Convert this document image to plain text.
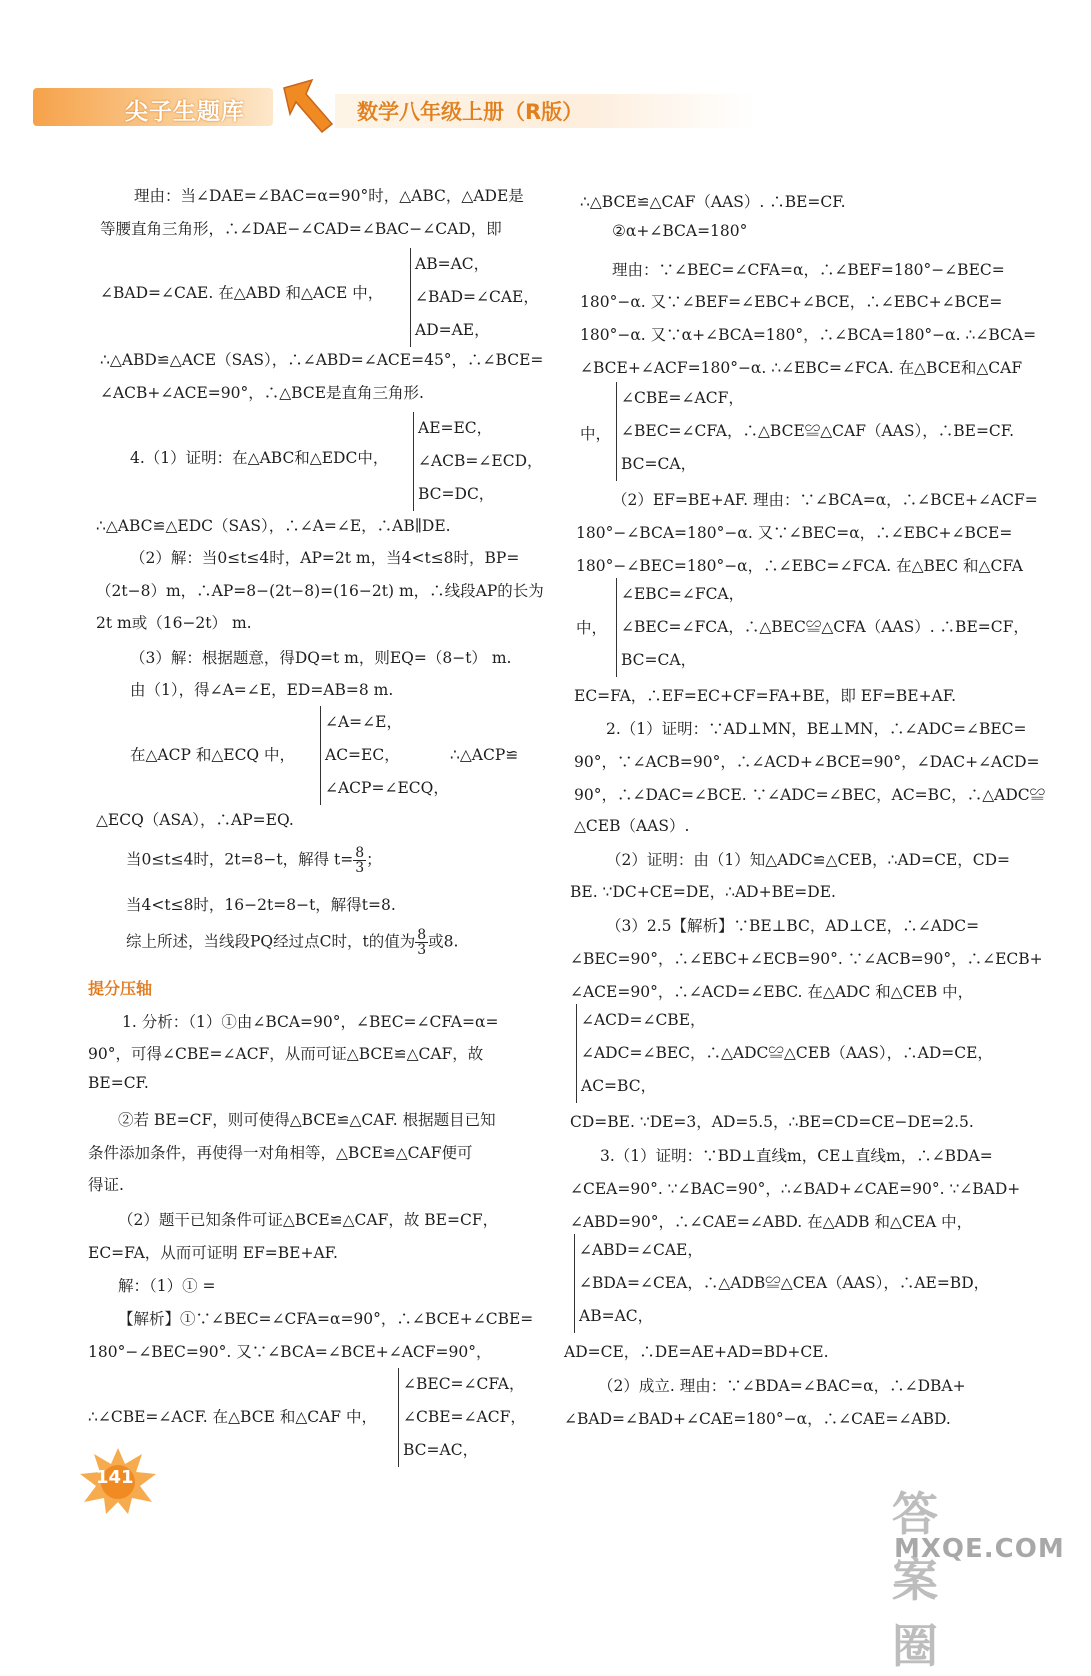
尖子生题库	数学八年级上册（R版）
理由：当∠DAE=∠BAC=α=90°时，△ABC，△ADE是
等腰直角三角形，∴∠DAE−∠CAD=∠BAC−∠CAD，即
∠BAD=∠CAE. 在△ABD 和△ACE 中，
AB=AC，
∠BAD=∠CAE，
AD=AE，
∴△ABD≌△ACE（SAS），∴∠ABD=∠ACE=45°，∴∠BCE=
∠ACB+∠ACE=90°，∴△BCE是直角三角形.
4.（1）证明：在△ABC和△EDC中，
AE=EC，
∠ACB=∠ECD，
BC=DC，
∴△ABC≌△EDC（SAS），∴∠A=∠E，∴AB∥DE.
（2）解：当0≤t≤4时，AP=2t m，当4<t≤8时，BP=
（2t−8）m，∴AP=8−(2t−8)=(16−2t) m，∴线段AP的长为
2t m或（16−2t） m.
（3）解：根据题意，得DQ=t m，则EQ=（8−t） m.
由（1），得∠A=∠E，ED=AB=8 m.
在△ACP 和△ECQ 中，
∠A=∠E，
AC=EC，
∠ACP=∠ECQ，
∴△ACP≌
△ECQ（ASA），∴AP=EQ.
当0≤t≤4时，2t=8−t，解得 $t= \frac{8}{3}$ ；
当4<t≤8时，16−2t=8−t，解得t=8.
综上所述，当线段PQ经过点C时，t的值为 $\frac{8}{3}$ 或8.
提分压轴
1. 分析：（1）①由∠BCA=90°，∠BEC=∠CFA=α=
90°，可得∠CBE=∠ACF，从而可证△BCE≌△CAF，故
BE=CF.
②若 BE=CF，则可使得△BCE≌△CAF. 根据题目已知
条件添加条件，再使得一对角相等，△BCE≌△CAF便可
得证.
（2）题干已知条件可证△BCE≌△CAF，故 BE=CF，
EC=FA，从而可证明 EF=BE+AF.
解：（1）① =
【解析】①∵∠BEC=∠CFA=α=90°，∴∠BCE+∠CBE=
180°−∠BEC=90°. 又∵∠BCA=∠BCE+∠ACF=90°，
∴∠CBE=∠ACF. 在△BCE 和△CAF 中，
∠BEC=∠CFA，
∠CBE=∠ACF，
BC=AC，
∴△BCE≌△CAF（AAS）. ∴BE=CF.
②α+∠BCA=180°
理由：∵∠BEC=∠CFA=α，∴∠BEF=180°−∠BEC=
180°−α. 又∵∠BEF=∠EBC+∠BCE，∴∠EBC+∠BCE=
180°−α. 又∵α+∠BCA=180°，∴∠BCA=180°−α. ∴∠BCA=
∠BCE+∠ACF=180°−α. ∴∠EBC=∠FCA. 在△BCE和△CAF
中，
∠CBE=∠ACF，
∠BEC=∠CFA，∴△BCE≌△CAF（AAS），∴BE=CF.
BC=CA，
（2）EF=BE+AF. 理由：∵∠BCA=α，∴∠BCE+∠ACF=
180°−∠BCA=180°−α. 又∵∠BEC=α，∴∠EBC+∠BCE=
180°−∠BEC=180°−α，∴∠EBC=∠FCA. 在△BEC 和△CFA
中，
∠EBC=∠FCA，
∠BEC=∠FCA，∴△BEC≌△CFA（AAS）. ∴BE=CF，
BC=CA，
EC=FA，∴EF=EC+CF=FA+BE，即 EF=BE+AF.
2.（1）证明：∵AD⊥MN，BE⊥MN，∴∠ADC=∠BEC=
90°，∵∠ACB=90°，∴∠ACD+∠BCE=90°，∠DAC+∠ACD=
90°，∴∠DAC=∠BCE. ∵∠ADC=∠BEC，AC=BC，∴△ADC≌
△CEB（AAS）.
（2）证明：由（1）知△ADC≌△CEB，∴AD=CE，CD=
BE. ∵DC+CE=DE，∴AD+BE=DE.
（3）2.5【解析】∵BE⊥BC，AD⊥CE，∴∠ADC=
∠BEC=90°，∴∠EBC+∠ECB=90°. ∵∠ACB=90°，∴∠ECB+
∠ACE=90°，∴∠ACD=∠EBC. 在△ADC 和△CEB 中，
∠ACD=∠CBE，
∠ADC=∠BEC，∴△ADC≌△CEB（AAS），∴AD=CE，
AC=BC，
CD=BE. ∵DE=3，AD=5.5，∴BE=CD=CE−DE=2.5.
3.（1）证明：∵BD⊥直线m，CE⊥直线m，∴∠BDA=
∠CEA=90°. ∵∠BAC=90°，∴∠BAD+∠CAE=90°. ∵∠BAD+
∠ABD=90°，∴∠CAE=∠ABD. 在△ADB 和△CEA 中，
∠ABD=∠CAE，
∠BDA=∠CEA，∴△ADB≌△CEA（AAS），∴AE=BD，
AB=AC，
AD=CE，∴DE=AE+AD=BD+CE.
（2）成立. 理由：∵∠BDA=∠BAC=α，∴∠DBA+
∠BAD=∠BAD+∠CAE=180°−α，∴∠CAE=∠ABD.
141
答案圈
MXQE.COM
